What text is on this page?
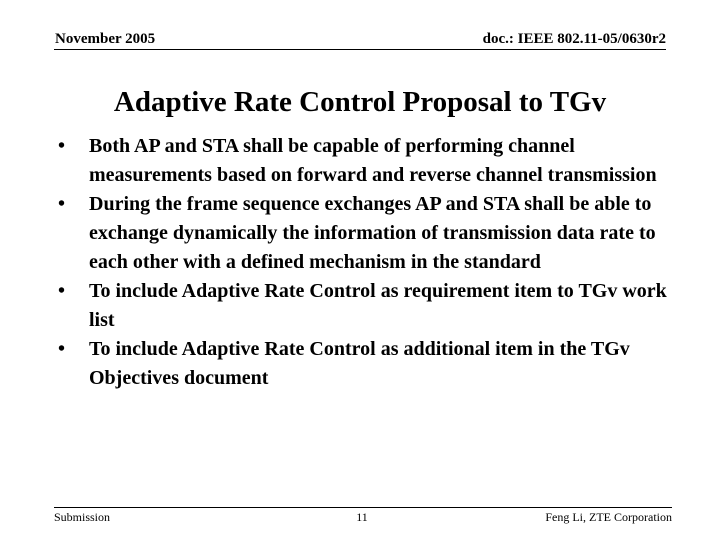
November 2005	doc.: IEEE 802.11-05/0630r2
Adaptive Rate Control Proposal to TGv
• Both AP and STA shall be capable of performing channel measurements based on forward and reverse channel transmission
• During the frame sequence exchanges AP and STA shall be able to exchange dynamically the information of transmission data rate to each other with a defined mechanism in the standard
• To include Adaptive Rate Control as requirement item to TGv work list
• To include Adaptive Rate Control as additional item in the TGv Objectives document
Submission	11	Feng Li, ZTE Corporation
